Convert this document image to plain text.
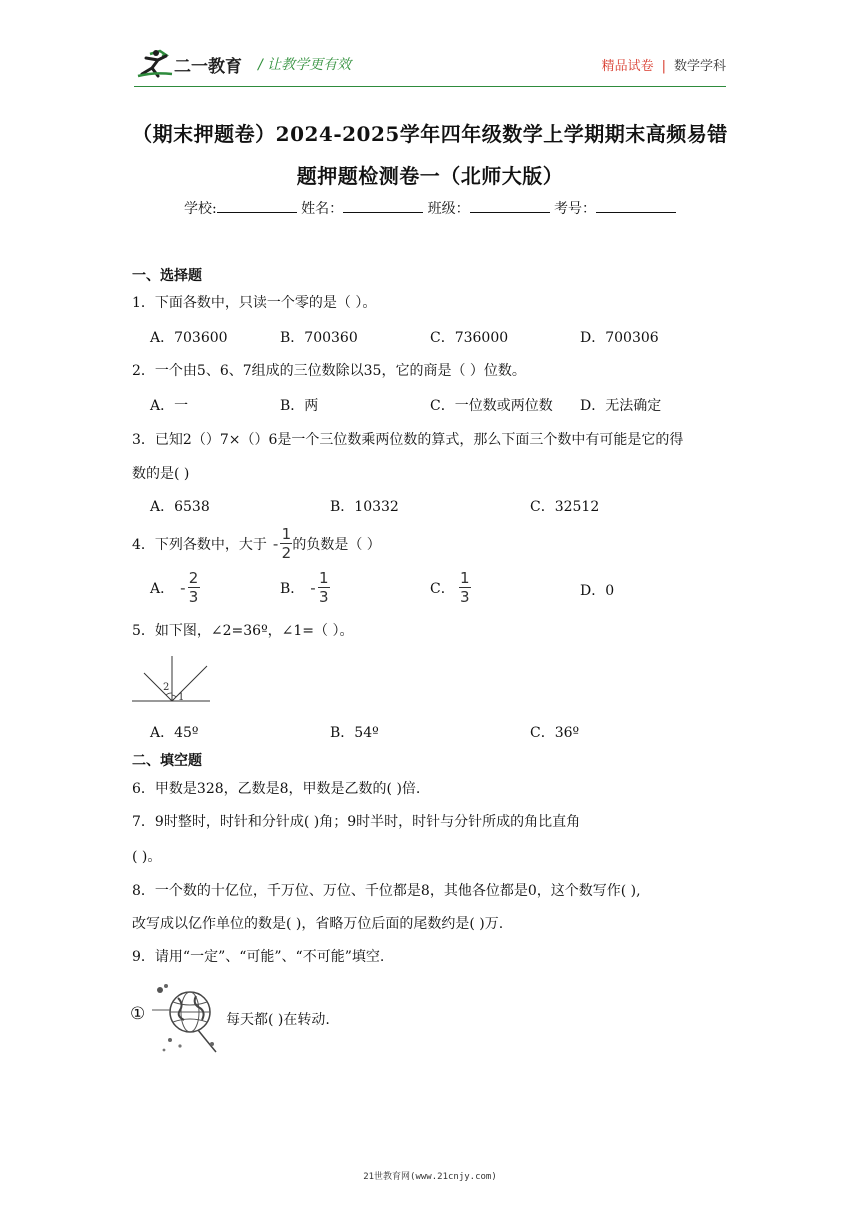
二一教育 / 让教学更有效	精品试卷 | 数学学科
（期末押题卷）2024-2025学年四年级数学上学期期末高频易错
题押题检测卷一（北师大版）
学校:	姓名：	班级：	考号：
一、选择题
1．下面各数中，只读一个零的是（ ）。
A．703600	B．700360	C．736000	D．700306
2．一个由5、6、7组成的三位数除以35，它的商是（ ）位数。
A．一	B．两	C．一位数或两位数 D．无法确定
3．已知2（）7×（）6是一个三位数乘两位数的算式，那么下面三个数中有可能是它的得
数的是( )
A．6538	B．10332	C．32512
4．下列各数中，大于 - $\frac{1}{2}$ 的负数是（ ）
A． - $\frac{2}{3}$	B． - $\frac{1}{3}$	C． $\frac{1}{3}$	D．0
5．如下图，∠2=36º，∠1=（ ）。
2
1
A．45º	B．54º	C．36º
二、填空题
6．甲数是328，乙数是8，甲数是乙数的( )倍.
7．9时整时，时针和分针成( )角；9时半时，时针与分针所成的角比直角
( )。
8．一个数的十亿位，千万位、万位、千位都是8，其他各位都是0，这个数写作( ),
改写成以亿作单位的数是( )，省略万位后面的尾数约是( )万.
9．请用“一定”、“可能”、“不可能”填空.
①	每天都( )在转动.
21世教育网(www.21cnjy.com)
